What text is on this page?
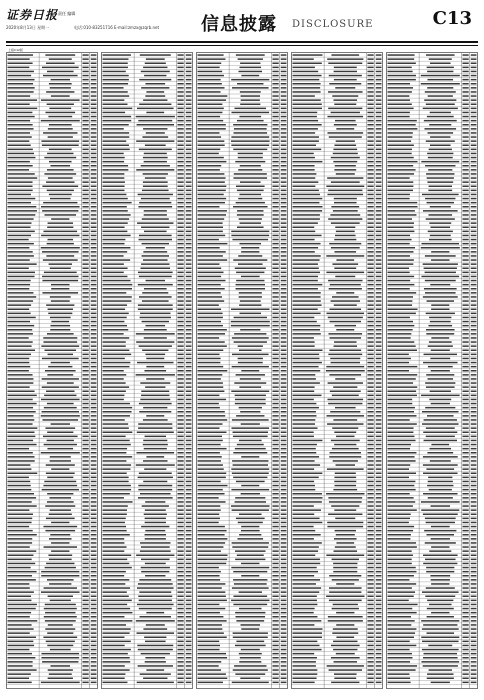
证券日报 责任 编辑
2020年8月13日 星期一	电话:010-83251716 E-mail:zmzx@zqrb.net 信息披露 DISCLOSURE	C13
上接C12版
